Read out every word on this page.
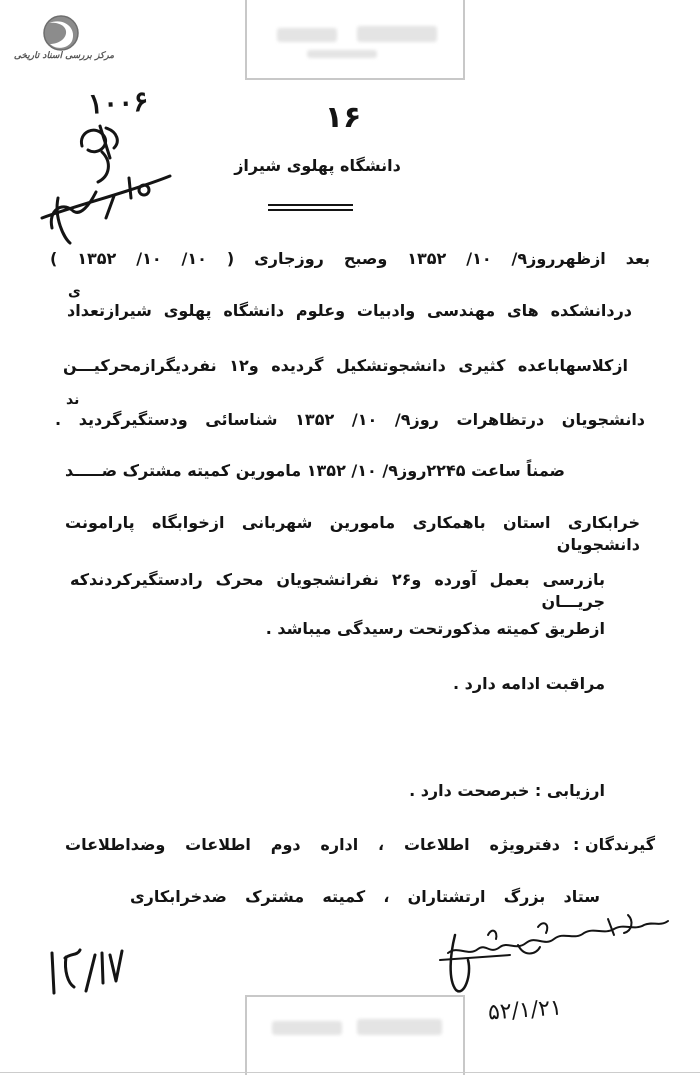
مرکز بررسی اسناد تاریخی
۱۰۰۶	۱۶
دانشگاه پهلوی شیراز
بعد ازظهرروز۹/ ۱۰/ ۱۳۵۲ وصبح روزجاری ( ۱۰/ ۱۰/ ۱۳۵۲ )
دردانشکده های مهندسی وادبیات وعلوم دانشگاه پهلوی شیرازتعداد
ی
ازکلاسهاباعده کثیری دانشجوتشکیل گردیده و۱۲ نفردیگرازمحرکیـــن
دانشجویان درتظاهرات روز۹/ ۱۰/ ۱۳۵۲ شناسائی ودستگیرگردید .
ند
ضمناً ساعت ۲۲۴۵روز۹/ ۱۰/ ۱۳۵۲ مامورین کمیته مشترک ضـــــد
خرابکاری استان باهمکاری مامورین شهربانی ازخوابگاه پارامونت دانشجویان
بازرسی بعمل آورده و۲۶ نفرانشجویان محرک رادستگیرکردندکه جریـــان
ازطریق کمیته مذکورتحت رسیدگی میباشد .
مراقبت ادامه دارد .
ارزیابی : خبرصحت دارد .
گیرندگان :
دفترویژه اطلاعات ، اداره دوم اطلاعات وضداطلاعات
ستاد بزرگ ارتشتاران ، کمیته مشترک ضدخرابکاری
۵۲/۱/۲۱
